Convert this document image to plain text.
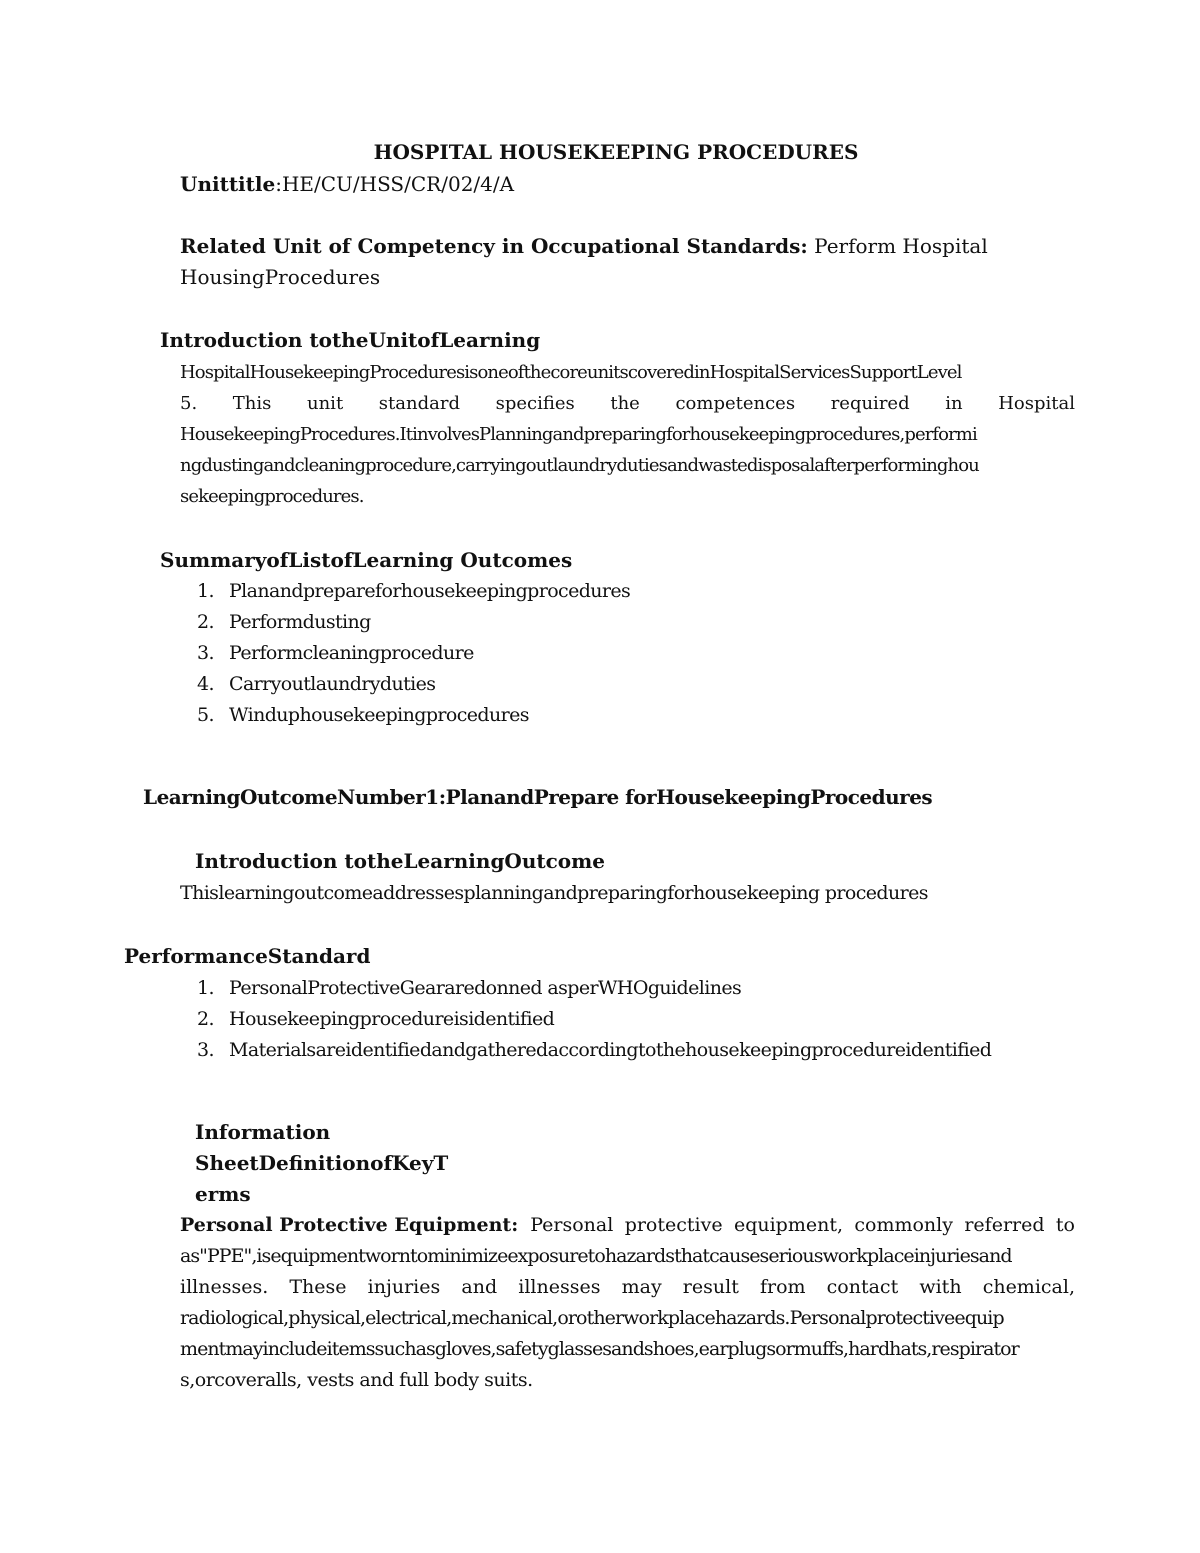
HOSPITAL HOUSEKEEPING PROCEDURES
Unittitle:HE/CU/HSS/CR/02/4/A
Related Unit of Competency in Occupational Standards: Perform Hospital
HousingProcedures
Introduction totheUnitofLearning
HospitalHousekeepingProceduresisoneofthecoreunitscoveredinHospitalServicesSupportLevel
5. This unit standard specifies the competences required in Hospital
HousekeepingProcedures.ItinvolvesPlanningandpreparingforhousekeepingprocedures,performi
ngdustingandcleaningprocedure,carryingoutlaundrydutiesandwastedisposalafterperforminghou
sekeepingprocedures.
SummaryofListofLearning Outcomes
1. Planandprepareforhousekeepingprocedures
2. Performdusting
3. Performcleaningprocedure
4. Carryoutlaundryduties
5. Winduphousekeepingprocedures
LearningOutcomeNumber1:PlanandPrepare forHousekeepingProcedures
Introduction totheLearningOutcome
Thislearningoutcomeaddressesplanningandpreparingforhousekeeping procedures
PerformanceStandard
1. PersonalProtectiveGeararedonned asperWHOguidelines
2. Housekeepingprocedureisidentified
3. Materialsareidentifiedandgatheredaccordingtothehousekeepingprocedureidentified
Information
SheetDefinitionofKeyT
erms
Personal Protective Equipment: Personal protective equipment, commonly referred to
as"PPE",isequipmentworntominimizeexposuretohazardsthatcauseseriousworkplaceinjuriesand
illnesses. These injuries and illnesses may result from contact with chemical,
radiological,physical,electrical,mechanical,orotherworkplacehazards.Personalprotectiveequip
mentmayincludeitemssuchasgloves,safetyglassesandshoes,earplugsormuffs,hardhats,respirator
s,orcoveralls, vests and full body suits.
